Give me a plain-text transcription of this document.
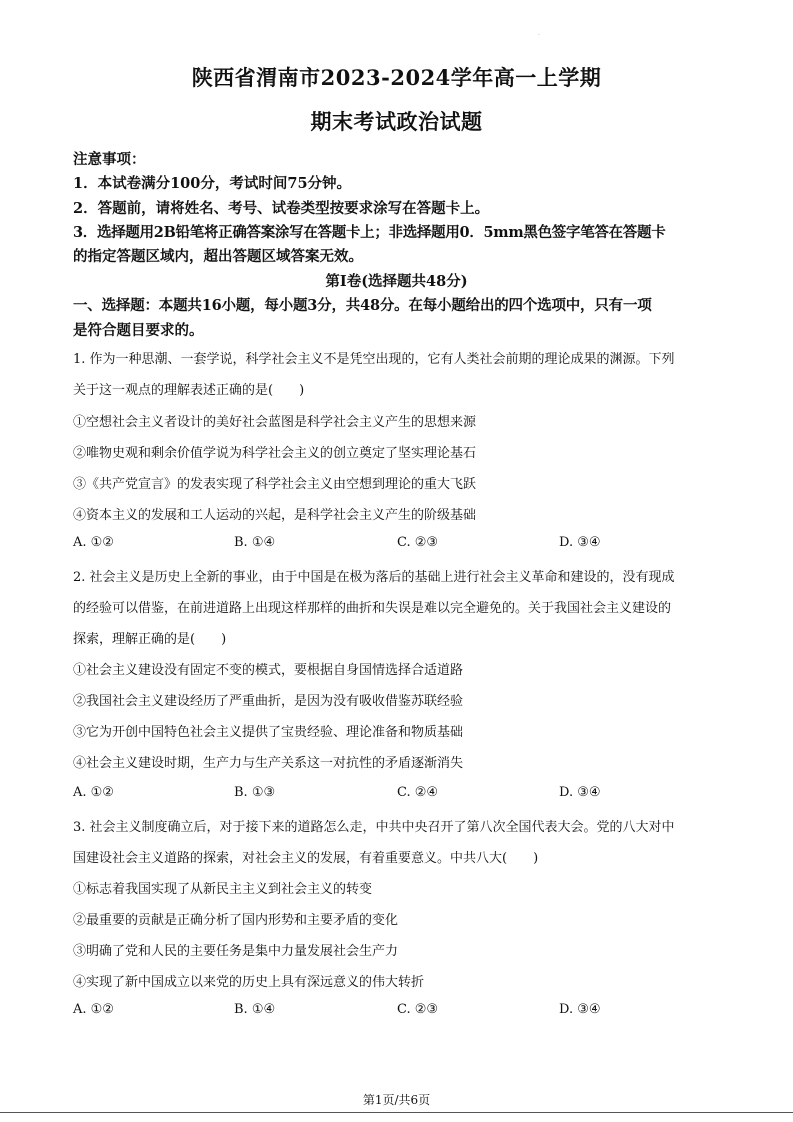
·
陕西省渭南市2023-2024学年高一上学期
期末考试政治试题
注意事项：
1．本试卷满分100分，考试时间75分钟。
2．答题前，请将姓名、考号、试卷类型按要求涂写在答题卡上。
3．选择题用2B铅笔将正确答案涂写在答题卡上；非选择题用0．5mm黑色签字笔答在答题卡
的指定答题区域内，超出答题区域答案无效。
第Ⅰ卷(选择题共48分)
一、选择题：本题共16小题，每小题3分，共48分。在每小题给出的四个选项中，只有一项
是符合题目要求的。
1. 作为一种思潮、一套学说，科学社会主义不是凭空出现的，它有人类社会前期的理论成果的渊源。下列
关于这一观点的理解表述正确的是(　　)
①空想社会主义者设计的美好社会蓝图是科学社会主义产生的思想来源
②唯物史观和剩余价值学说为科学社会主义的创立奠定了坚实理论基石
③《共产党宣言》的发表实现了科学社会主义由空想到理论的重大飞跃
④资本主义的发展和工人运动的兴起，是科学社会主义产生的阶级基础
A. ①②	B. ①④	C. ②③	D. ③④
2. 社会主义是历史上全新的事业，由于中国是在极为落后的基础上进行社会主义革命和建设的，没有现成
的经验可以借鉴，在前进道路上出现这样那样的曲折和失误是难以完全避免的。关于我国社会主义建设的
探索，理解正确的是(　　)
①社会主义建设没有固定不变的模式，要根据自身国情选择合适道路
②我国社会主义建设经历了严重曲折，是因为没有吸收借鉴苏联经验
③它为开创中国特色社会主义提供了宝贵经验、理论准备和物质基础
④社会主义建设时期，生产力与生产关系这一对抗性的矛盾逐渐消失
A. ①②	B. ①③	C. ②④	D. ③④
3. 社会主义制度确立后，对于接下来的道路怎么走，中共中央召开了第八次全国代表大会。党的八大对中
国建设社会主义道路的探索，对社会主义的发展，有着重要意义。中共八大(　　)
①标志着我国实现了从新民主主义到社会主义的转变
②最重要的贡献是正确分析了国内形势和主要矛盾的变化
③明确了党和人民的主要任务是集中力量发展社会生产力
④实现了新中国成立以来党的历史上具有深远意义的伟大转折
A. ①②	B. ①④	C. ②③	D. ③④
第1页/共6页
